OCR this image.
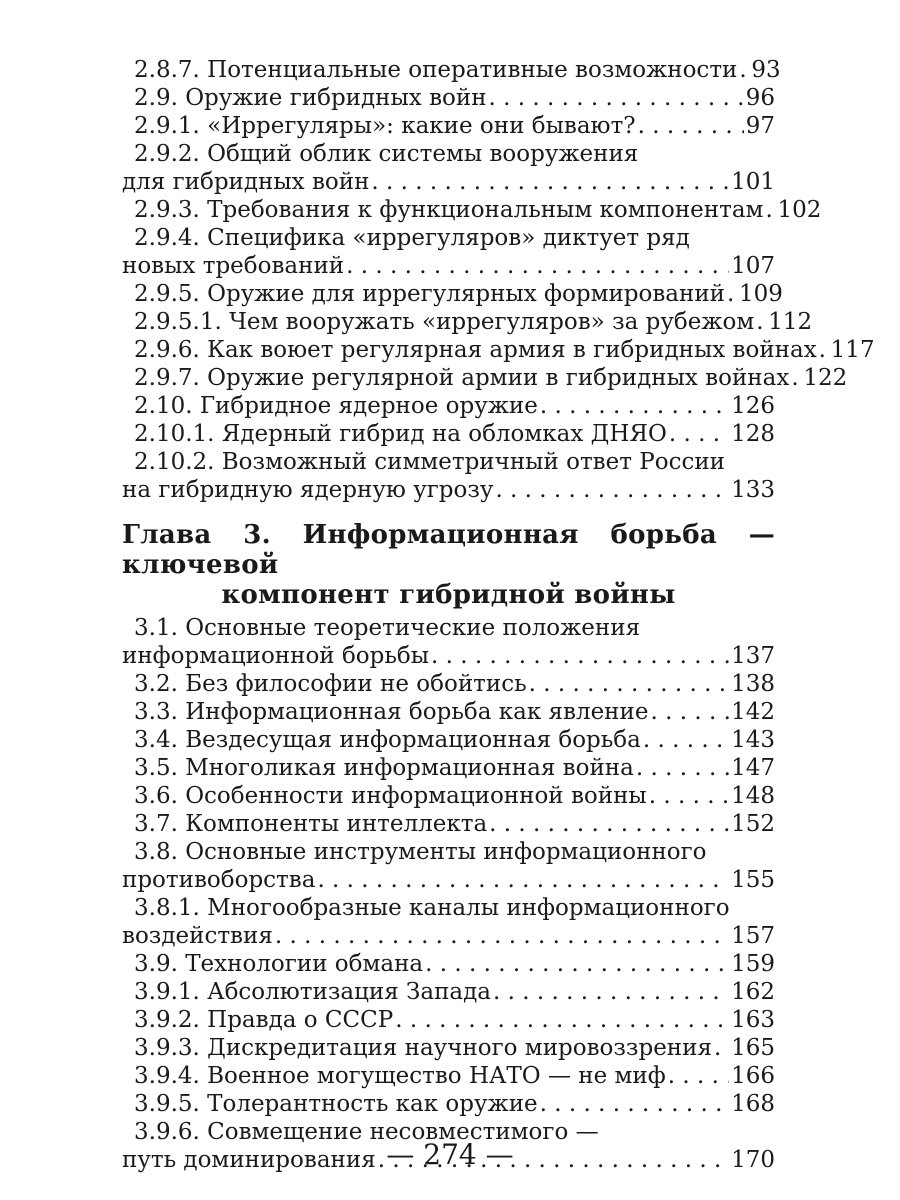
2.8.7. Потенциальные оперативные возможности . . . 93
2.9. Оружие гибридных войн . . .	96
2.9.1. «Иррегуляры»: какие они бывают? . . .	97
2.9.2. Общий облик системы вооружения
для гибридных войн . . .	101
2.9.3. Требования к функциональным компонентам . . . 102
2.9.4. Специфика «иррегуляров» диктует ряд
новых требований . . .	107
2.9.5. Оружие для иррегулярных формирований . . . 109
2.9.5.1. Чем вооружать «иррегуляров» за рубежом . . . 112
2.9.6. Как воюет регулярная армия в гибридных войнах . . . 117
2.9.7. Оружие регулярной армии в гибридных войнах . . . 122
2.10. Гибридное ядерное оружие . . .	126
2.10.1. Ядерный гибрид на обломках ДНЯО . . .	128
2.10.2. Возможный симметричный ответ России
на гибридную ядерную угрозу . . .	133
Глава 3. Информационная борьба — ключевой
компонент гибридной войны
3.1. Основные теоретические положения
информационной борьбы . . .	137
3.2. Без философии не обойтись . . .	138
3.3. Информационная борьба как явление . . .	142
3.4. Вездесущая информационная борьба . . .	143
3.5. Многоликая информационная война . . .	147
3.6. Особенности информационной войны . . .	148
3.7. Компоненты интеллекта . . .	152
3.8. Основные инструменты информационного
противоборства . . .	155
3.8.1. Многообразные каналы информационного
воздействия . . .	157
3.9. Технологии обмана . . .	159
3.9.1. Абсолютизация Запада . . .	162
3.9.2. Правда о СССР . . .	163
3.9.3. Дискредитация научного мировоззрения . . . 165
3.9.4. Военное могущество НАТО — не миф . . .	166
3.9.5. Толерантность как оружие . . .	168
3.9.6. Совмещение несовместимого —
путь доминирования . . .	170
— 274 —
